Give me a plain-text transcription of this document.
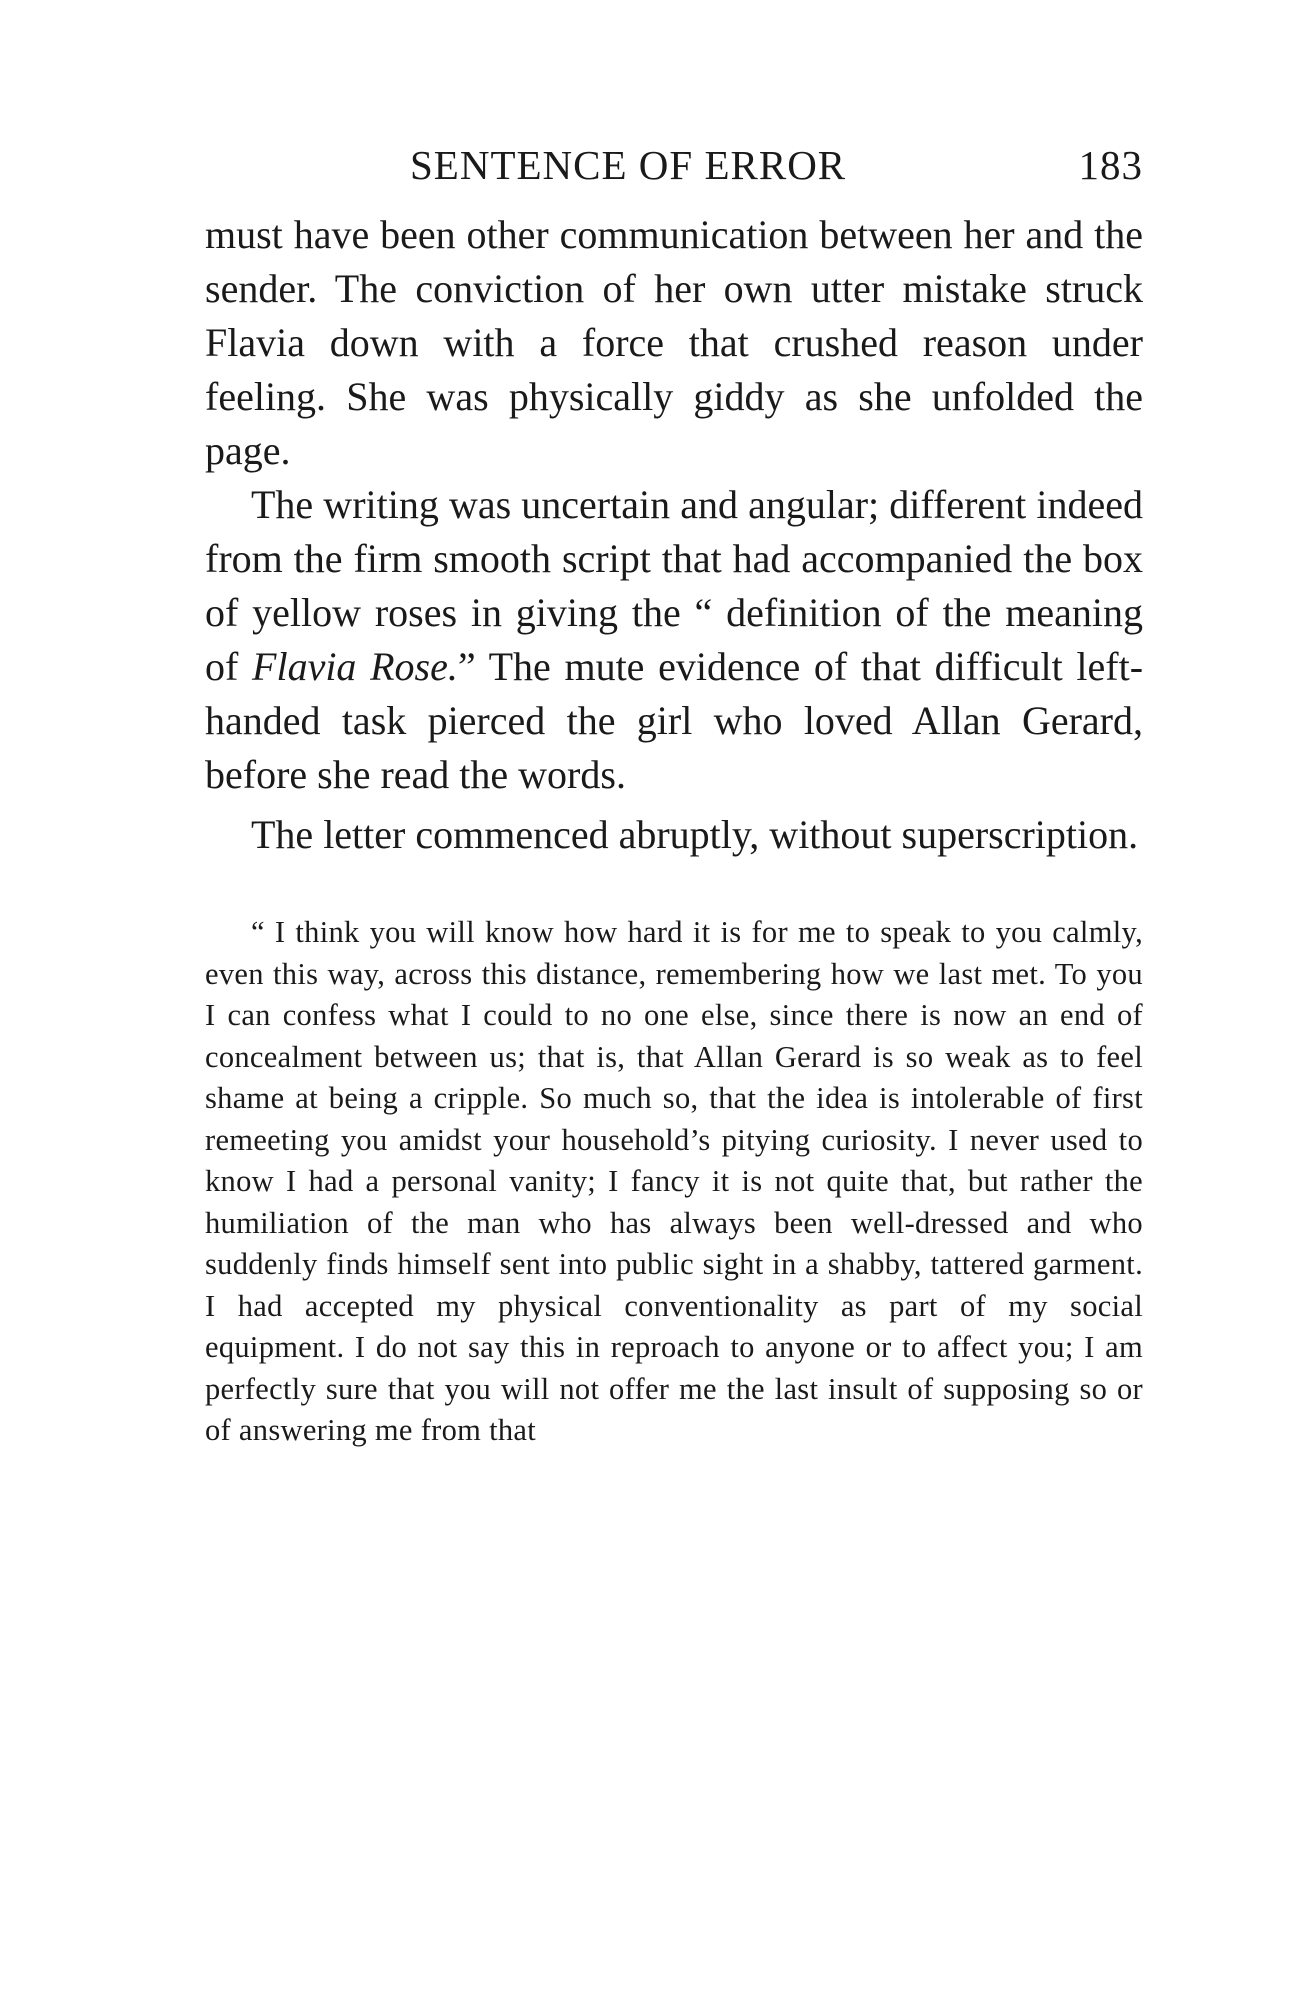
SENTENCE OF ERROR	183

must have been other communication between her and the sender. The conviction of her own utter mistake struck Flavia down with a force that crushed reason under feeling. She was physically giddy as she unfolded the page.

The writing was uncertain and angular; different indeed from the firm smooth script that had accompanied the box of yellow roses in giving the “ definition of the meaning of Flavia Rose.” The mute evidence of that difficult left-handed task pierced the girl who loved Allan Gerard, before she read the words.

The letter commenced abruptly, without superscription.

“ I think you will know how hard it is for me to speak to you calmly, even this way, across this distance, remembering how we last met. To you I can confess what I could to no one else, since there is now an end of concealment between us; that is, that Allan Gerard is so weak as to feel shame at being a cripple. So much so, that the idea is intolerable of first remeeting you amidst your household’s pitying curiosity. I never used to know I had a personal vanity; I fancy it is not quite that, but rather the humiliation of the man who has always been well-dressed and who suddenly finds himself sent into public sight in a shabby, tattered garment. I had accepted my physical conventionality as part of my social equipment. I do not say this in reproach to anyone or to affect you; I am perfectly sure that you will not offer me the last insult of supposing so or of answering me from that
